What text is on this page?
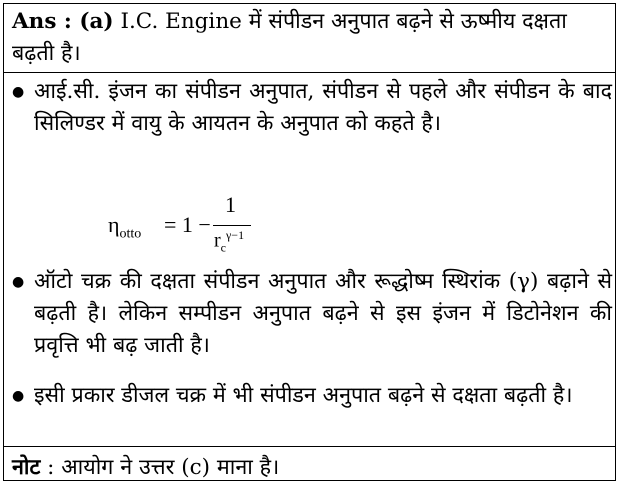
Ans : (a) I.C. Engine में संपीडन अनुपात बढ़ने से ऊष्मीय दक्षता बढ़ती है।
● आई.सी. इंजन का संपीडन अनुपात, संपीडन से पहले और संपीडन के बाद सिलिण्डर में वायु के आयतन के अनुपात को कहते है।
$\eta_{otto} = 1$ −
1
$r_c^{\gamma-1}$
● ऑटो चक्र की दक्षता संपीडन अनुपात और रूद्धोष्म स्थिरांक (γ) बढ़ाने से बढ़ती है। लेकिन सम्पीडन अनुपात बढ़ने से इस इंजन में डिटोनेशन की प्रवृत्ति भी बढ़ जाती है।
● इसी प्रकार डीजल चक्र में भी संपीडन अनुपात बढ़ने से दक्षता बढ़ती है।
नोट : आयोग ने उत्तर (c) माना है।
